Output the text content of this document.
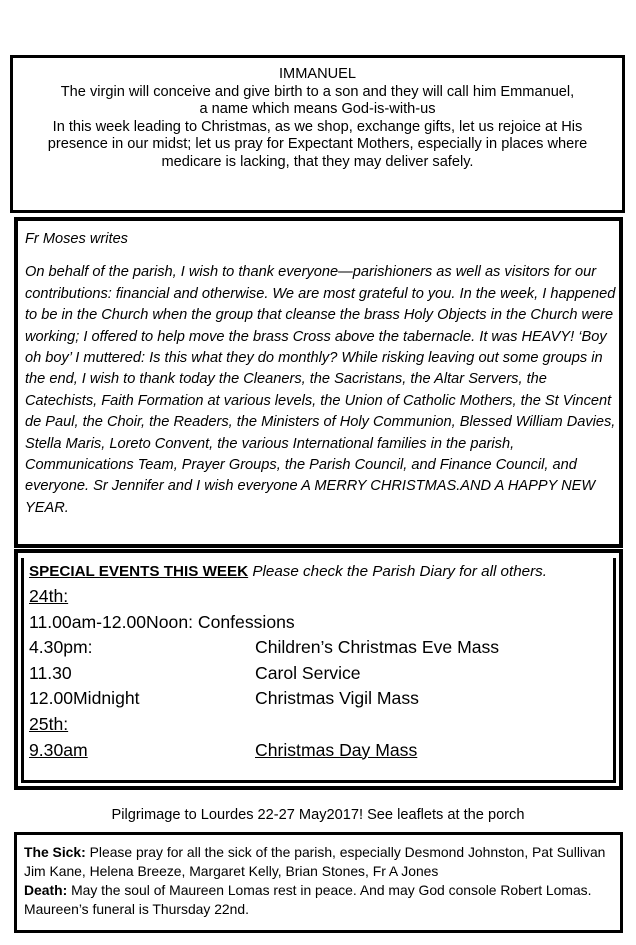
IMMANUEL
The virgin will conceive and give birth to a son and they will call him Emmanuel,
a name which means God-is-with-us
In this week leading to Christmas, as we shop, exchange gifts, let us rejoice at His
presence in our midst; let us pray for Expectant Mothers, especially in places where
medicare is lacking, that they may deliver safely.
Fr Moses writes

On behalf of the parish, I wish to thank everyone—parishioners as well as visitors for our contributions: financial and otherwise. We are most grateful to you. In the week, I happened to be in the Church when the group that cleanse the brass Holy Objects in the Church were working; I offered to help move the brass Cross above the tabernacle. It was HEAVY! ‘Boy oh boy’ I muttered: Is this what they do monthly? While risking leaving out some groups in the end, I wish to thank today the Cleaners, the Sacristans, the Altar Servers, the Catechists, Faith Formation at various levels, the Union of Catholic Mothers, the St Vincent de Paul, the Choir, the Readers, the Ministers of Holy Communion, Blessed William Davies, Stella Maris, Loreto Convent, the various International families in the parish, Communications Team, Prayer Groups, the Parish Council, and Finance Council, and everyone. Sr Jennifer and I wish everyone A MERRY CHRISTMAS.AND A HAPPY NEW YEAR.

SPECIAL EVENTS THIS WEEK Please check the Parish Diary for all others.
24th:
11.00am-12.00Noon: Confessions
4.30pm:	Children’s Christmas Eve Mass
11.30	Carol Service
12.00Midnight	Christmas Vigil Mass
25th:
9.30am	Christmas Day Mass
Pilgrimage to Lourdes 22-27 May2017! See leaflets at the porch

The Sick: Please pray for all the sick of the parish, especially Desmond Johnston, Pat Sullivan Jim Kane, Helena Breeze, Margaret Kelly, Brian Stones, Fr A Jones

Death: May the soul of Maureen Lomas rest in peace. And may God console Robert Lomas. Maureen’s funeral is Thursday 22nd.
